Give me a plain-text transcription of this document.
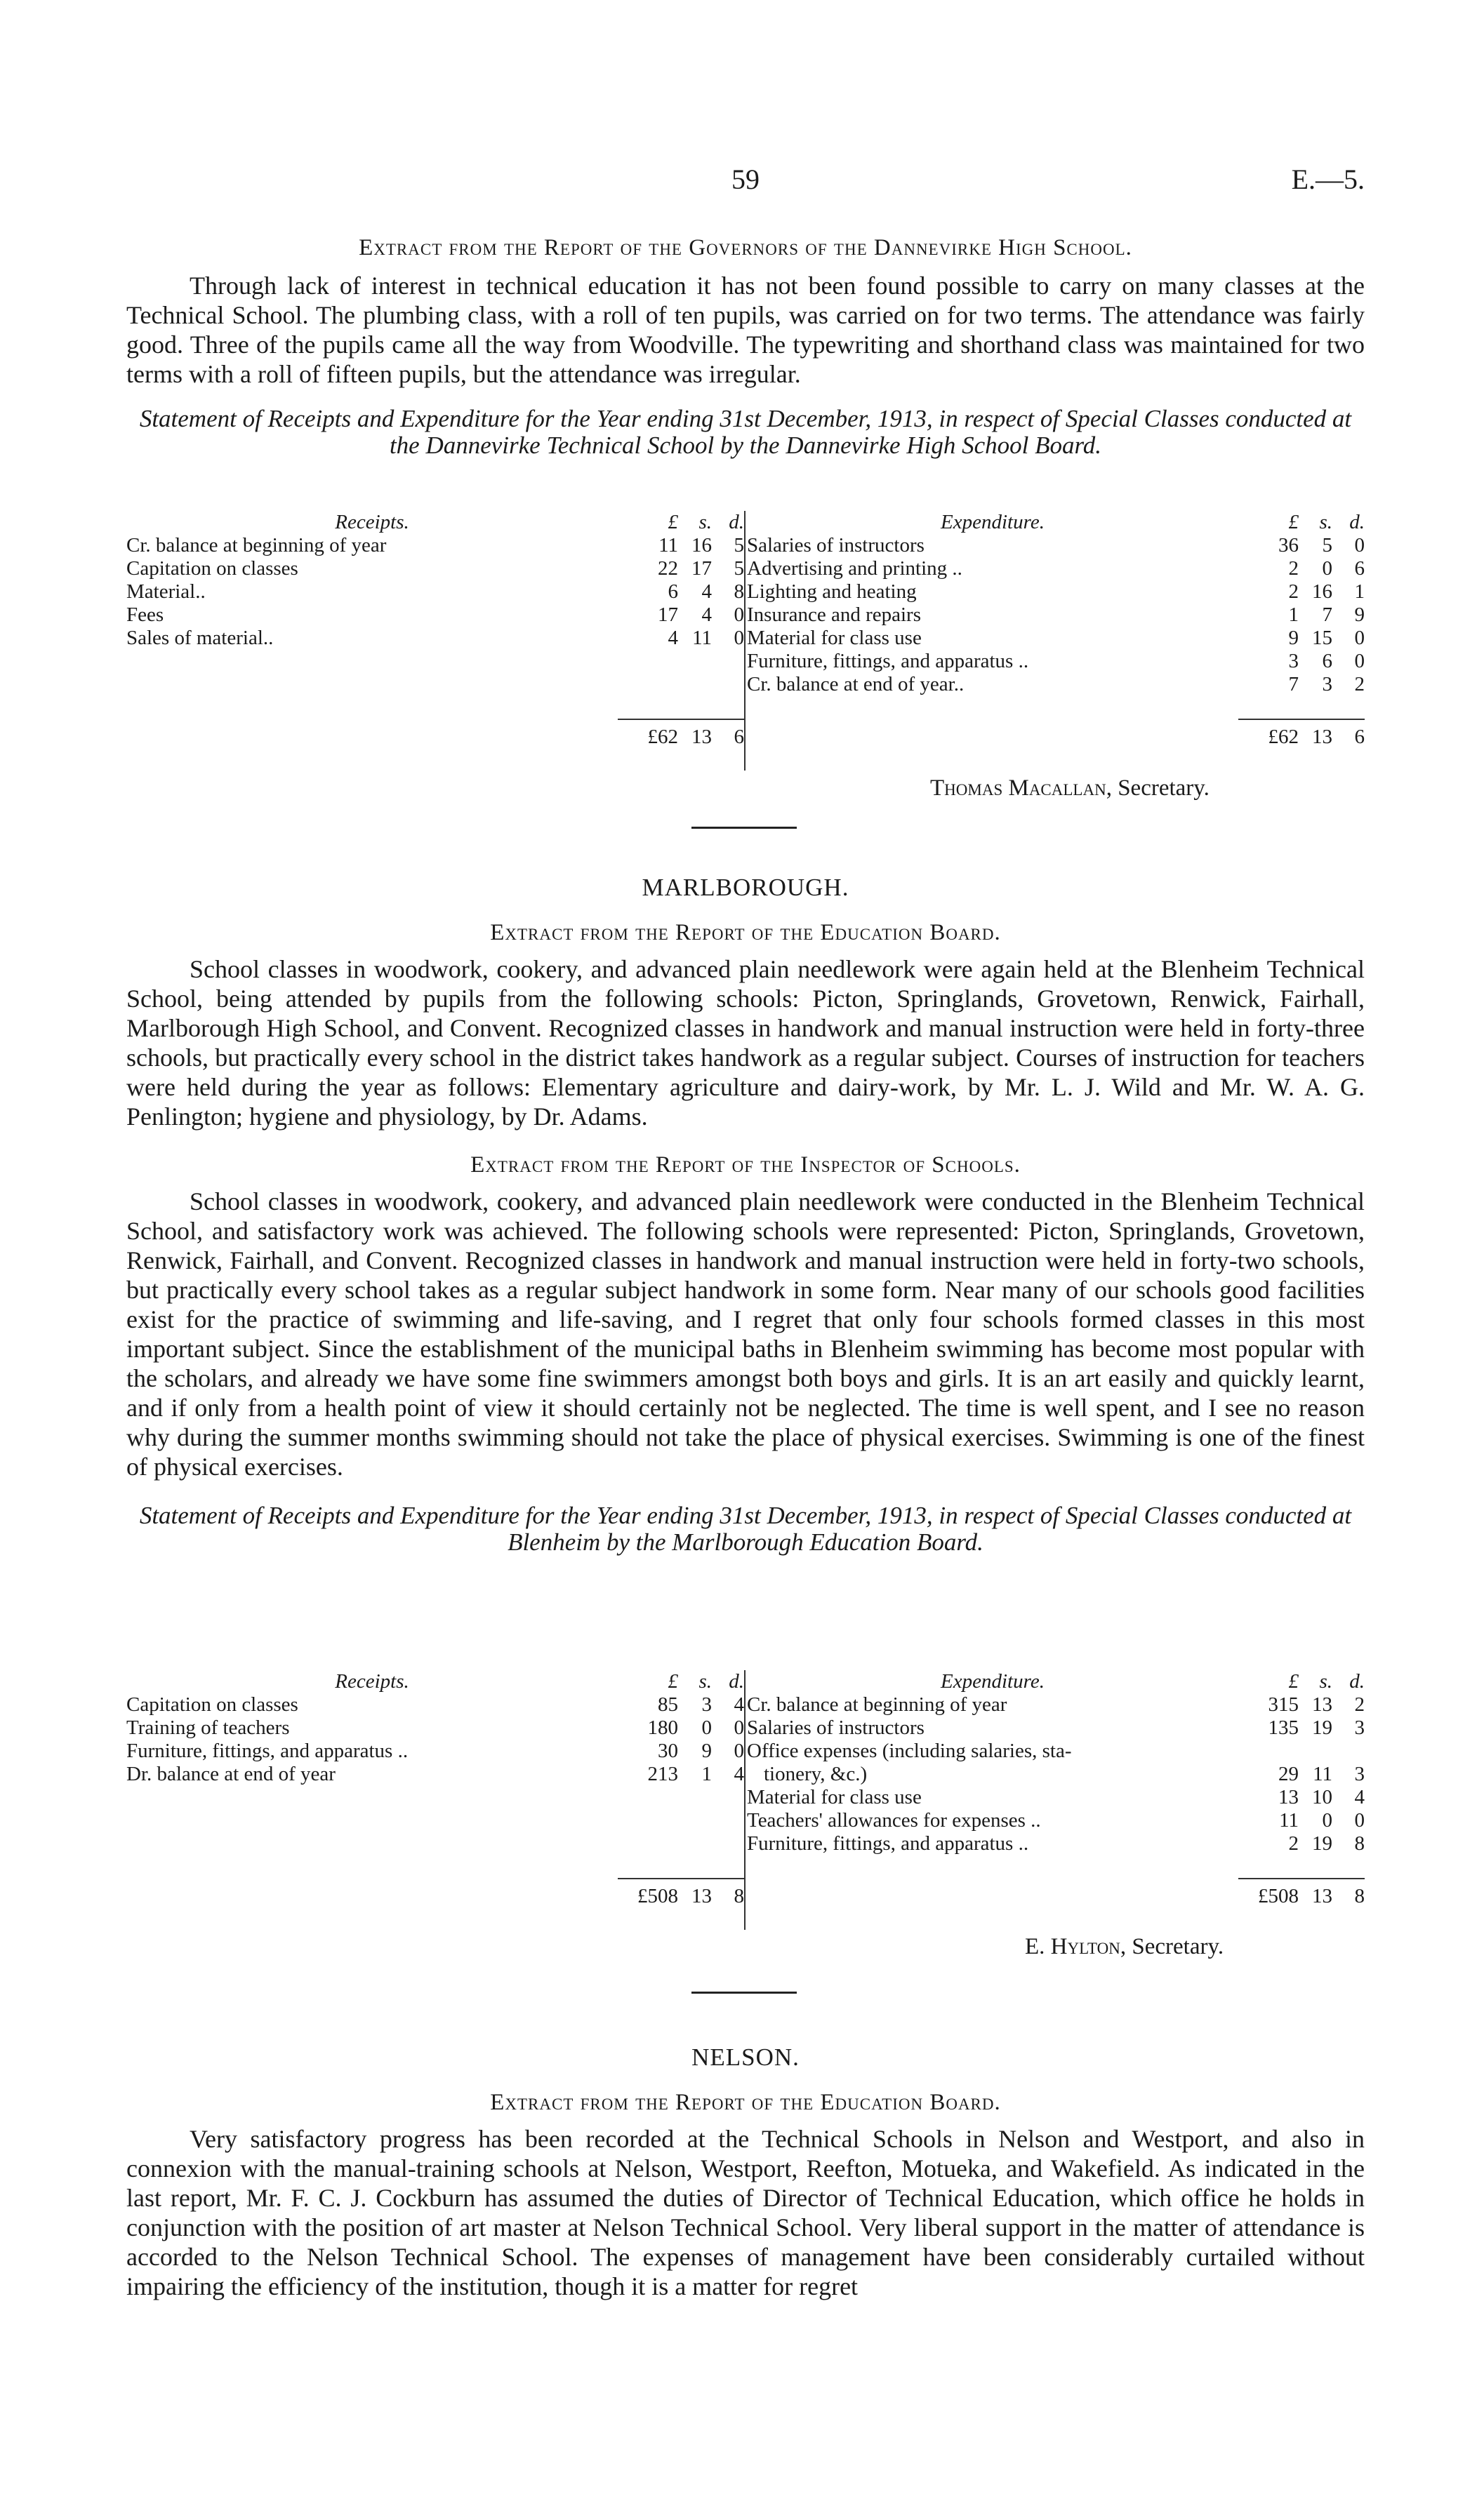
59	E.—5.
Extract from the Report of the Governors of the Dannevirke High School.

Through lack of interest in technical education it has not been found possible to carry on many classes at the Technical School. The plumbing class, with a roll of ten pupils, was carried on for two terms. The attendance was fairly good. Three of the pupils came all the way from Woodville. The typewriting and shorthand class was maintained for two terms with a roll of fifteen pupils, but the attendance was irregular.

Statement of Receipts and Expenditure for the Year ending 31st December, 1913, in respect of Special Classes conducted at the Dannevirke Technical School by the Dannevirke High School Board.
Receipts.	£	s. d.
Cr. balance at beginning of year	11 16	5
Capitation on classes	22 17	5
Material..	6	4	8
Fees	17	4	0
Sales of material..	4 11	0
£62 13	6
Expenditure.	£	s. d.
Salaries of instructors	36	5	0
Advertising and printing ..	2	0	6
Lighting and heating	2 16	1
Insurance and repairs	1	7	9
Material for class use	9 15	0
Furniture, fittings, and apparatus ..	3	6	0
Cr. balance at end of year..	7	3	2
£62 13	6
Thomas Macallan, Secretary.
MARLBOROUGH.
Extract from the Report of the Education Board.

School classes in woodwork, cookery, and advanced plain needlework were again held at the Blenheim Technical School, being attended by pupils from the following schools: Picton, Springlands, Grovetown, Renwick, Fairhall, Marlborough High School, and Convent. Recognized classes in handwork and manual instruction were held in forty-three schools, but practically every school in the district takes handwork as a regular subject. Courses of instruction for teachers were held during the year as follows: Elementary agriculture and dairy-work, by Mr. L. J. Wild and Mr. W. A. G. Penlington; hygiene and physiology, by Dr. Adams.

Extract from the Report of the Inspector of Schools.

School classes in woodwork, cookery, and advanced plain needlework were conducted in the Blenheim Technical School, and satisfactory work was achieved. The following schools were represented: Picton, Springlands, Grovetown, Renwick, Fairhall, and Convent. Recognized classes in handwork and manual instruction were held in forty-two schools, but practically every school takes as a regular subject handwork in some form. Near many of our schools good facilities exist for the practice of swimming and life-saving, and I regret that only four schools formed classes in this most important subject. Since the establishment of the municipal baths in Blenheim swimming has become most popular with the scholars, and already we have some fine swimmers amongst both boys and girls. It is an art easily and quickly learnt, and if only from a health point of view it should certainly not be neglected. The time is well spent, and I see no reason why during the summer months swimming should not take the place of physical exercises. Swimming is one of the finest of physical exercises.

Statement of Receipts and Expenditure for the Year ending 31st December, 1913, in respect of Special Classes conducted at Blenheim by the Marlborough Education Board.
Receipts.	£	s. d.
Capitation on classes	85	3	4
Training of teachers	180	0	0
Furniture, fittings, and apparatus ..	30	9	0
Dr. balance at end of year	213	1	4
£508 13	8
Expenditure.	£	s. d.
Cr. balance at beginning of year	315 13	2
Salaries of instructors	135 19	3
Office expenses (including salaries, sta-
tionery, &c.)	29 11	3
Material for class use	13 10	4
Teachers' allowances for expenses ..	11	0	0
Furniture, fittings, and apparatus ..	2 19	8
£508 13	8
E. Hylton, Secretary.
NELSON.
Extract from the Report of the Education Board.

Very satisfactory progress has been recorded at the Technical Schools in Nelson and Westport, and also in connexion with the manual-training schools at Nelson, Westport, Reefton, Motueka, and Wakefield. As indicated in the last report, Mr. F. C. J. Cockburn has assumed the duties of Director of Technical Education, which office he holds in conjunction with the position of art master at Nelson Technical School. Very liberal support in the matter of attendance is accorded to the Nelson Technical School. The expenses of management have been considerably curtailed without impairing the efficiency of the institution, though it is a matter for regret
